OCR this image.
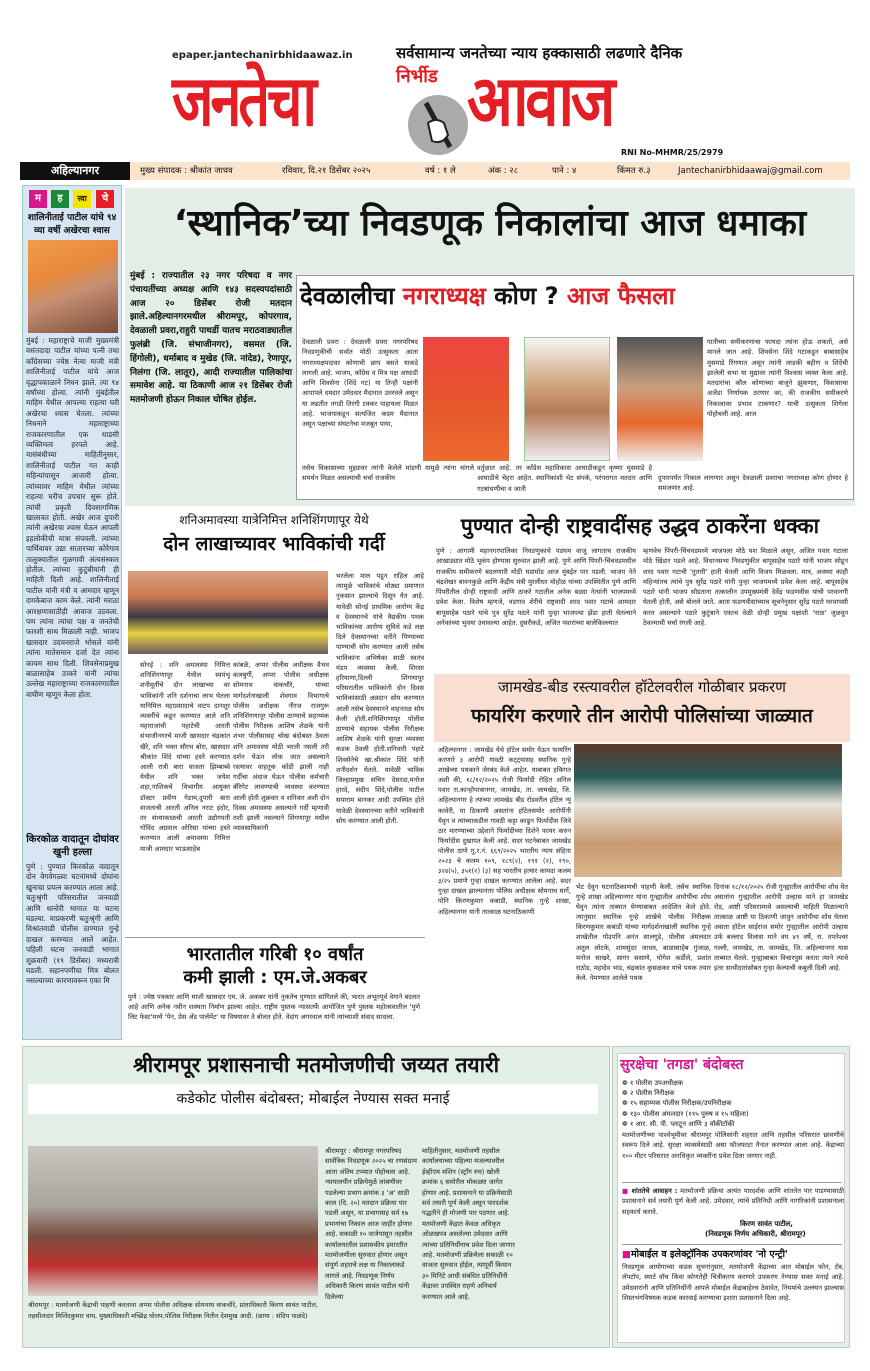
epaper.jantechanirbhidaawaz.in	सर्वसामान्य जनतेच्या न्याय हक्कासाठी लढणारे दैनिक
जनतेचा	निर्भीड आवाज
RNI No-MHMR/25/2979
अहिल्यानगर	मुख्य संपादक : श्रीकांत जाधव	रविवार, दि.२१ डिसेंबर २०२५	वर्ष : १ ले	अंक : २८	पाने : ४	किंमत रु.३	Jantechanirbhidaawaj@gmail.com
म	ह	त्त्वा	चे
शालिनीताई पाटील यांचे ९४ व्या वर्षी अखेरचा श्वास
मुंबई : महाराष्ट्राचे माजी मुख्यमंत्री वसंतदादा पाटील यांच्या पत्नी तथा काँग्रेसच्या ज्येष्ठ नेत्या माजी मंत्री शालिनीताई पाटील यांचे आज वृद्धापकाळाने निधन झाले. त्या ९४ वर्षांच्या होत्या. त्यांनी मुंबईतील माहिम येथील आपल्या राहत्या घरी अखेरचा श्वास घेतला. त्यांच्या निधनाने महाराष्ट्राच्या राजकारणातील एक धाडसी व्यक्तिमत्व हरपले आहे. यासंबंधीच्या माहितीनुसार, शालिनीताई पाटील गत काही महिन्यांपासून आजारी होत्या. त्यांच्यावर माहिम येथील त्यांच्या राहत्या घरीच उपचार सुरू होते. त्यांची प्रकृती दिवसागणिक खालावत होती. अखेर आज दुपारी त्यांनी अखेरचा श्वास घेऊन आपली इहलोकीची यात्रा संपवली. त्यांच्या पार्थिवावर उद्या सातारच्या कोरेगाव तालुक्यातील गुळगावी अंत्यसंस्कार होतील. त्यांच्या कुटुंबीयांनी ही माहिती दिली आहे. शालिनीताई पाटील यांनी मंत्री व आमदार म्हणून दणकेबाज काम केले. त्यांनी मराठा आरक्षणासाठीही आवाज उठवला. पण त्यांना त्यांचा पक्ष व जनतेची फारशी साथ मिळाली नाही. भाजप खासदार उदयनराजे भोसले यांनी त्यांना मातेसमान दर्जा देत त्यांना कायम साथ दिली. शिवसेनाप्रमुख बाळासाहेब ठाकरे यांनी त्यांचा उल्लेख महाराष्ट्राच्या राजकारणातील वाघीण म्हणून केला होता.
किरकोळ वादातून दोघांवर खुनी हल्ला
पुणे : पुण्यात किरकोळ वादातून दोन वेगवेगळ्या घटनांमध्ये दोघांना खुनाचा प्रयत्न करण्यात आला आहे. चतुःश्रृंगी परिसरातील जनवाडी आणि धानोरी भागात या घटना घडल्या. याप्रकरणी चतुःश्रृंगी आणि विश्रांतवाडी पोलीस ठाण्यात गुन्हे दाखल करण्यात आले आहेत. पहिली घटना जनवाडी भागात शुक्रवारी (१९ डिसेंबर) मध्यरात्री घडली. सहानपणीचा मित्र बोलत नसल्याच्या कारणावरून एका मि
‘स्थानिक’च्या निवडणूक निकालांचा आज धमाका
मुंबई : राज्यातील २३ नगर परिषदा व नगर पंचायतींच्या अध्यक्ष आणि १४३ सदस्यपदांसाठी आज २० डिसेंबर रोजी मतदान झाले.अहिल्यानगरमधील श्रीरामपूर, कोपरगाव, देवळाली प्रवरा,राहुरी पाथर्डी यातच मराठवाड्यातील फुलंब्री (जि. संभाजीनगर), वसमत (जि. हिंगोली), धर्माबाद व मुखेड (जि. नांदेड), रेणापूर, निलंगा (जि. लातूर), आदी राज्यातील पालिकांचा समावेश आहे. या ठिकाणी आज २१ डिसेंबर रोजी मतमोजणी होऊन निकाल घोषित होईल.
देवळालीचा नगराध्यक्ष कोण ? आज फैसला
देवळाली प्रवरा : देवळाली प्रवरा नगरपरिषद निवडणुकीची सर्वात मोठी उत्सुकता आता नगराध्यक्षपदावर कोणाची छाप बसते याकडे लागली आहे. भाजप, काँग्रेस व मित्र पक्ष आघाडी आणि शिवसेना (शिंदे गट) या तिन्ही पक्षांनी आपापले दमदार उमेदवार मैदानात उतरवले असून या लढतीत तगडी तिरंगी टक्कर पाहायला मिळत आहे. भाजपाकडून सत्यजित कदम मैदानात असून पक्षाच्या संघटनेचा मजबूत पाया,
तसेच विकासाच्या मुद्द्यावर त्यांनी केलेले मांडणी यामुळे त्यांना चांगले समर्थन मिळत असल्याची चर्चा राजकीय
वर्तुळात आहे. तर काँग्रेस महाविकास आघाडीकडून कृष्णा मुसमाडे हे आघाडीचे चेहरा आहेत. स्थानिकांशी थेट संपर्क, परंपरागत मतदार आणि गटबांधणीचा व जाती
पातीच्या समीकरणाचा फायदा त्यांना होऊ शकतो, असे मानले जात आहे. शिवसेना शिंदे गटाकडून बाबासाहेब मुसमाडे रिंगणात असून त्यांनी लाडकी बहीण व शिंदेंची झालेली सभा या मुद्यावर त्यांनी विश्वास व्यक्त केला आहे. मतदारांचा कौल कोणाच्या बाजूने झुकणार, विकासाचा अजेंडा निर्णायक ठरणार का, की राजकीय समीकरणे निकालावर प्रभाव टाकणार? याची उत्सुकता शिगेला पोहोचली आहे. आज
दुपारपर्यंत निकाल लागणार असून देवळाली प्रवराचा नगराध्यक्ष कोण होणार हे समजणार आहे.
शनिअमावस्या यात्रेनिमित्त शनिशिंगणापूर येथे
दोन लाखाच्यावर भाविकांची गर्दी
भरलेला माल पडून राहिल आहे त्यामुळे भाविकांचे मोठ्या प्रमाणात नुकसान झाल्याचे दिसून येत आहे. यावेळी सोनई प्राथमिक आरोग्य केंद्र व देवस्थानचे यांचे वैद्यकीय पथक भाविकांच्या आरोग्य सुविधे कडे लक्ष दिले देवस्थानच्या वतीने पिण्याच्या पाण्याची सोय करण्यात आली तसेच भाविकांना अभिषेका साठी स्वतंत्र मंडप व्यवस्था केली. शिरसा हरियाणा,दिल्ली शिंगणापूर परिसरातील भाविकांनी दोन दिवस भाविकांसाठी अन्नदान सोय करण्यात आली तसेच देवस्थानने वाहनतळ सोय केली होती.शनिशिंगणापूर पोलीस ठाण्याचे सहायक पोलीस निरीक्षक आशिष शेळके यांनी सुरक्षा व्यवस्था कडक ठेवली होती.शनिवारी पहाटे शिवसेनेचे खा.श्रीकांत शिंदे यांनी शनीदर्शन घेतले. यावेळी भाविक जिल्हाप्रमुख सचिन देसरडा,मनोज हारदे, संदीप शिंदे,पोलीस पाटील सयाराम बानकर आदी उपस्थित होते यावेळी देवस्थानच्या वतीने भाविकांनी सोय करण्यात आली होती.
सोनई : शनि अमावस्या निमित्त शनिशिंगणापूर येथील स्वयंभू शनीमूर्तीचे दोन लाखाच्या वर भाविकांनी शनि दर्शनाचा लाभ घेतला यानिमित्त महाप्रसादाचे वाटप दानशूर व्यक्तींचे कडून करण्यात आले शनि महाराजांची पहाटेची आरती संभाजीनगरचे माजी खासदार चंद्रकांत खैरे, शनि भक्त सौरभ बोरा, खासदार श्रीकांत शिंदे यांच्या हस्ते करण्यात आली रात्री बारा वाजता झिम्बाब्वे येथील शनि भक्त जयेश शहा,नाशिकचे विभागीय आयुक्त डॉक्टर प्रवीण गेडाम,दुपारी बारा वाजताची आरती अनिल नराट इंदोर, तर संध्याकाळची आरती उद्योगपती गोविंद अग्रवाल ओरिसा यांच्या हस्ते करण्यात आली अमावस्या निमित्त माजी आमदार भाऊसाहेब
कांबळे, अप्पर पोलीस अधीक्षक वैभव कलबुर्गी, अप्पर पोलीस अधीक्षक सोमनाथ वाकचौरे, यांच्या मार्गदर्शनाखाली शेवगाव विभागाचे पोलीस अधीक्षक नीरज राजगुरू शनिशिंगणापूर पोलीस ठाण्याचे सहाय्यक पोलीस निरीक्षक आशिष शेळके यांनी शंभर पोलीसासह चोख बंदोबस्त ठेवला शनि अमावस्या मोठी भरली नसली तरी दर्शन घेऊन लोक जात असल्याने रस्त्यावर वाहतूक कोंडी झाली नाही गर्दीचा अंदाज घेऊन पोलीस कर्मचारी बॅरिगेट लावण्याची व्यवस्था करण्यात आली होती शुक्रवार व शनिवार अशी दोन दिवस अमावस्या असल्याने गर्दी म्हणावी तशी झाली नसल्याने शिंगणापूर मधील व्यावसायिकांनी
भारतातील गरिबी १० वर्षांत
कमी झाली : एम.जे.अकबर
पुणे : ज्येष्ठ पत्रकार आणि माजी खासदार एम. जे. अकबर यांनी नुकतेच पुण्यात सांगितले की, भारत अभूतपूर्व वेगाने बदलत आहे आणि अनेक नवीन शक्यता निर्माण झाल्या आहेत. राष्ट्रीय पुस्तक न्यासतर्फे आयोजित पुणे पुस्तक महोत्सवातील 'पुणे लिट फेस्ट'मध्ये 'पेन, प्रेस अँड पार्लमेंट' या विषयावर ते बोलत होते. वेदांग अगरवाल यांनी त्यांच्याशी संवाद साधला.
पुण्यात दोन्ही राष्ट्रवादींसह उद्धव ठाकरेंना धक्का
पुणे : आगामी महानगरपालिका निवडणुकांचे पडघम वाजू लागताच राजकीय आखाड्यात मोठे भूकंप होण्यास सुरुवात झाली आहे. पुणे आणि पिंपरी-चिंचवडमधील राजकीय समीकरणे बदलणारी मोठी घडामोड आज मुंबईत पार पडली. भाजप नेते चंद्रशेखर बावनकुळे आणि केंद्रीय मंत्री मुरलीधर मोहोळ यांच्या उपस्थितीत पुणे आणि पिंपरीतील दोन्ही राष्ट्रवादी आणि ठाकरे गटातील अनेक बड्या नेत्यांनी भाजपमध्ये प्रवेश केला. विशेष म्हणजे, वडगाव शेरीचे राष्ट्रवादी शरद पवार गटाचे आमदार बापूसाहेब पठारे यांचे पुत्र सुरेंद्र पठारे यांनी पुन्हा भाजपचा झेंडा हाती घेतल्याने अनेकांच्या भुवया उंचावल्या आहेत. दुसरीकडे, अजित पवारांच्या बालेकिल्ल्यात
म्हणवेच पिंपरी-चिंचवडमध्ये भाजपला मोठे यश मिळाले असून, अजित पवार गटाला मोठे खिंडार पडले आहे. विधानसभा निवडणुकीत बापूसाहेब पठारे यांनी भाजप सोडून शरद पवार गटाची 'तुतारी' हाती घेतली आणि विजय मिळवला. मात्र, अवघ्या काही महिन्यांतच त्यांचे पुत्र सुरेंद्र पठारे यांनी पुन्हा भाजपमध्ये प्रवेश केला आहे. बापूसाहेब पठारे यांनी भाजप सोडताना तत्कालीन उपमुख्यमंत्री देवेंद्र फडणवीस यांची परवानगी घेतली होती, असे बोलले जाते. आता फडणवीसांच्याच सूचनेनुसार सुरेंद्र पठारे घरवापसी करत असल्याने पठारे कुटुंबाने एकाच वेळी दोन्ही प्रमुख पक्षांशी 'नाळ' जुळवून ठेवल्याची चर्चा रंगली आहे.
जामखेड-बीड रस्त्यावरील हॉटेलवरील गोळीबार प्रकरण
फायरिंग करणारे तीन आरोपी पोलिसांच्या जाळ्यात
अहिल्यानगर : जामखेड येथे हॉटेल समोर येऊन फायरिंग करणारे ३ आरोपी गावठी कट्ट्यासह स्थानिक गुन्हे शाखेच्या पथकाने जेरबंद केले आहेत. याबाबत हकिगत अशी की, १८/१२/२०२५ रोजी फिर्यादी रोहित अनिल पवार रा.कान्होपात्रानगर, जामखेड, ता. जामखेड, जि. अहिल्यानगर हे त्यांच्या जामखेड बीड रोडवरील हॉटेल न्यु कावेरी, या ठिकाणी असतांना हॉटेलसमोर आरोपींनी येवुन व त्यांच्याकडील गावठी कट्टा काढुन फिर्यादीस जिवे ठार मारण्याच्या उद्देशाने फिर्यादीच्या दिशेने फायर करुन फिर्यादीस दुखापत केली आहे. सदर घटनेबाबत जामखेड पोलीस ठाणे गु.र.नं. ६६९/२०२५ भारतीय न्याय संहिता २०२३ चे कलम १०९, १८९(२), १९१ (२), १९०, ३२४(५), ३५१(२) (३) सह भारतीय हत्यार कायदा कलम ३/२५ प्रमाणे गुन्हा दाखल करण्यात आलेला आहे. सदर गुन्हा दाखल झाल्यानंतर पोलिस अधीक्षक सोमनाथ घार्गे, पोनि किरणकुमार कबाडी, स्थानिक गुन्हे शाखा, अहिल्यानगर यांनी तात्काळ घटनाठिकाणी
भेट देवुन घटनाठिकाणची पाहणी केली. तसेच स्थानिक गुन्हे शाखा अहिल्यानगर यांना गुन्ह्यातील आरोपींचा शोध घेवुन त्यांना ताब्यात घेण्याबाबत आदेशित केले होते. त्यानुसार स्थानिक गुन्हे शाखेचे पोलीस निरीक्षक किरणकुमार कबाडी यांच्या मार्गदर्शनाखाली स्थानिक गुन्हे शाखेतील पोउपनि अनंत सालगुडे, पोलीस अंमलदार अतुल लोटके, शामसुंदर जाधव, बाळासाहेब गुंजाळ, मनोज साखरे, सागर ससाणे, योगेश कर्डीले, प्रशांत राठोड, महादेव भांड, चंद्रकांत कुसळकर यांचे पथक तयार केले. नेमण्यात आलेले पथक
दिनांक १८/१२/२०२५ रोजी गुन्ह्यातील आरोपींचा शोध घेत असतांना गुन्ह्यातील आरोपी उल्हास माने हा जामखेड रोड, आष्टी परिसरामध्ये असल्याची माहिती मिळाल्याने तात्काळ आष्टी या ठिकाणी जावुन आरोपीचा शोध घेतला असता हॉटेल साईराज समोर गुन्ह्यातील आरोपी उल्हास उर्फ बल्लाद विलास माने वय ४९ वर्षे, रा. तपनेश्वर गल्ली, जामखेड, ता. जामखेड, जि. अहिल्यानगर यास ताब्यात घेतले. गुन्ह्याबाबत विचारपुस करता त्याने त्याचे इतर साथीदारांसोबत गुन्हा केल्याची कबुली दिली आहे.
श्रीरामपूर प्रशासनाची मतमोजणीची जय्यत तयारी
कडेकोट पोलीस बंदोबस्त; मोबाईल नेण्यास सक्त मनाई
श्रीरामपूर : मतमोजणी केंद्राची पाहणी करताना अप्पर पोलीस अधिक्षक सोमनाथ वाकचौरे, प्रांताधिकारी किरण सावंत पाटील, तहसीलदार मिलिंदकुमार वाघ, मुख्याधिकारी मच्छिंद्र घोलप,पोलिस निरीक्षक नितीन देशमुख आदी. (छाया : संदिप पाळंदे)
श्रीरामपूर : श्रीरामपूर नगरपरिषद सार्वत्रिक निवडणूक २०२५ चा रणसंग्राम आता अंतिम टप्प्यात पोहोचला आहे. न्यायालयीन प्रक्रियेमुळे लांबणीवर पडलेल्या प्रभाग क्रमांक ३ 'अ' साठी काल (दि. २०) मतदान प्रक्रिया पार पडली असून, या प्रभागासह सर्व १७ प्रभागांचा निकाल आज जाहीर होणार आहे. सकाळी १० वाजेपासून तहसील कार्यालयातील प्रशासकीय इमारतीत मतमोजणीला सुरुवात होणार असून संपूर्ण शहराचे लक्ष या निकालाकडे लागले आहे. निवडणूक निर्णय अधिकारी किरण सावंत पाटील यांनी दिलेल्या
माहितीनुसार, मतमोजणी तहसील कार्यालयाच्या पहिल्या मजल्यावरील ईव्हीएम मशिन (स्ट्रॉंग रुम) खोली क्रमांक ६ समोरील मोकळ्या जागेत होणार आहे. प्रशासनाने या प्रक्रियेसाठी सर्व तयारी पूर्ण केली असून पारदर्शक पद्धतीने ही मोजणी पार पडणार आहे. मतमोजणी केंद्रात केवळ अधिकृत ओळखपत्र असलेल्या उमेदवार आणि त्यांच्या प्रतिनिधींनाच प्रवेश दिला जाणार आहे. मतमोजणी प्रक्रियेला सकाळी १० वाजता सुरुवात होईल, त्यापूर्वी किमान ३० मिनिटे आधी संबंधित प्रतिनिधींनी केंद्रावर उपस्थित राहणे अनिवार्य करण्यात आले आहे.
सुरक्षेचा 'तगडा' बंदोबस्त
❁ १ पोलीस उपअधीक्षक
❁ २ पोलीस निरीक्षक
❁ १५ सहाय्यक पोलीस निरीक्षक/उपनिरीक्षक
❁ १३० पोलीस अंमलदार (११५ पुरुष व १५ महिला)
❁ १ आर. सी. पी. प्लाटून आणि ३ वॉकीटॉकी
मतमोजणीच्या पार्श्वभूमीवर श्रीरामपूर पोलिसांनी शहरात आणि तहसील परिसरात छावणीचे स्वरूप दिले आहे. सुरक्षा व्यवस्थेसाठी असा फौजफाटा तैनात करण्यात आला आहे. केंद्राच्या १०० मीटर परिसरात अनधिकृत व्यक्तींना प्रवेश दिला जाणार नाही.
■ शांततेचे आवाहन : मतमोजणी प्रक्रिया अत्यंत पारदर्शक आणि शांततेत पार पाडण्यासाठी प्रशासनाने सर्व तयारी पूर्ण केली आहे. उमेदवार, त्यांचे प्रतिनिधी आणि नागरिकांनी प्रशासनाला सहकार्य करावे.
किरण सावंत पाटील,
(निवडणूक निर्णय अधिकारी, श्रीरामपूर)
■मोबाईल व इलेक्ट्रॉनिक उपकरणांवर 'नो एन्ट्री'
निवडणूक आयोगाच्या कडक सूचनांनुसार, मतमोजणी केंद्राच्या आत मोबाईल फोन, टॅब, लॅपटॉप, स्मार्ट वॉच किंवा कोणतेही चित्रीकरण करणारे उपकरण नेण्यास सक्त मनाई आहे. उमेदवारांनी आणि प्रतिनिधींनी आपले मोबाईल केंद्राबाहेरच ठेवावेत, नियमांचे उल्लंघन झाल्यास शिस्तभंगविषयक कडक कारवाई करण्याचा इशारा प्रशासनाने दिला आहे.
